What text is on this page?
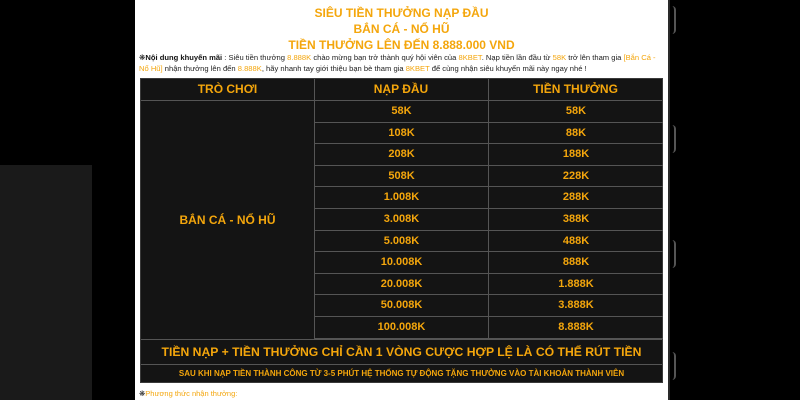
SIÊU TIỀN THƯỞNG NẠP ĐẦU

BẮN CÁ - NỔ HŨ

TIỀN THƯỞNG LÊN ĐẾN 8.888.000 VND

❋Nội dung khuyến mãi : Siêu tiền thưởng 8.888K chào mừng bạn trở thành quý hội viên của 8KBET. Nạp tiền lần đầu từ 58K trở lên tham gia [Bắn Cá - Nổ Hũ] nhận thưởng lên đến 8.888K, hãy nhanh tay giới thiệu bạn bè tham gia 8KBET để cùng nhận siêu khuyến mãi này ngay nhé !
TRÒ CHƠI	NẠP ĐẦU	TIỀN THƯỞNG
BẮN CÁ - NỔ HŨ
58K	58K
108K	88K
208K	188K
508K	228K
1.008K	288K
3.008K	388K
5.008K	488K
10.008K	888K
20.008K	1.888K
50.008K	3.888K
100.008K	8.888K
TIỀN NẠP + TIỀN THƯỞNG CHỈ CẦN 1 VÒNG CƯỢC HỢP LỆ LÀ CÓ THỂ RÚT TIỀN
SAU KHI NẠP TIỀN THÀNH CÔNG TỪ 3-5 PHÚT HỆ THỐNG TỰ ĐỘNG TẶNG THƯỞNG VÀO TÀI KHOẢN THÀNH VIÊN
❋Phương thức nhận thưởng:
